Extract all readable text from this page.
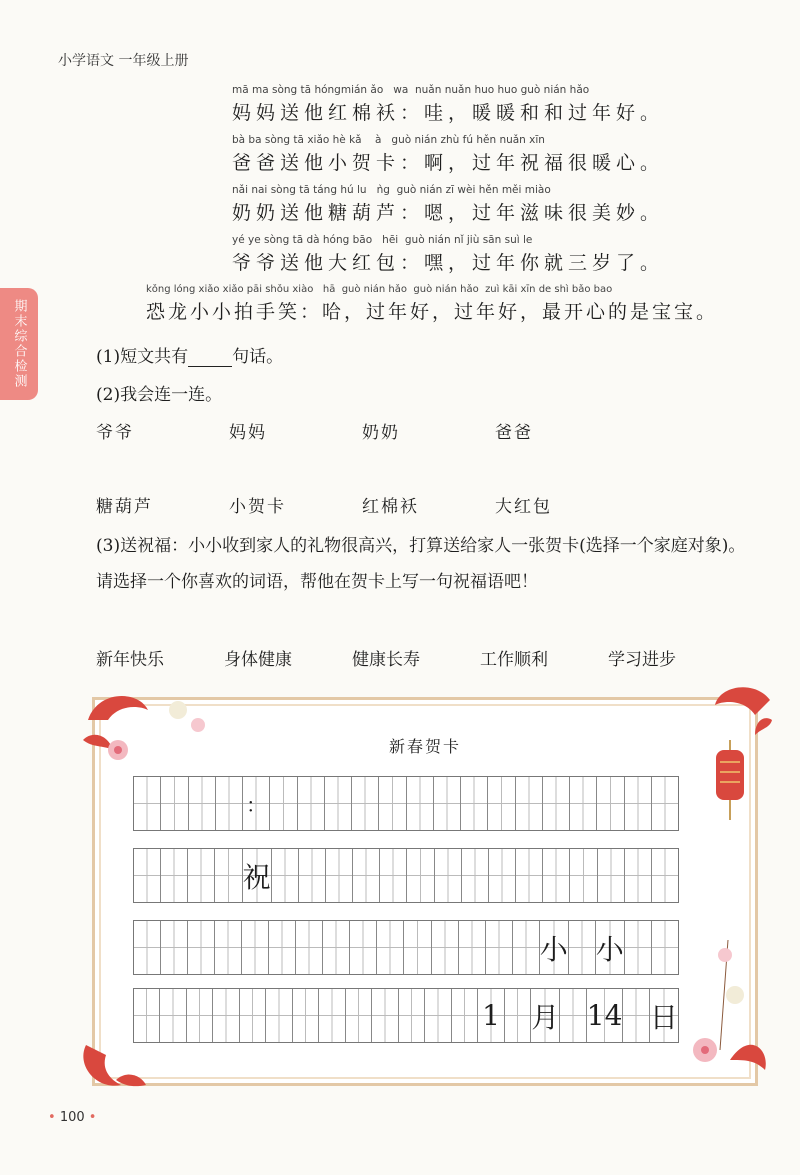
小学语文 一年级上册
期末综合检测
mā ma sòng tā hóngmián ǎo   wa  nuǎn nuǎn huo huo guò nián hǎo
妈妈送他红棉袄：哇，暖暖和和过年好。
bà ba sòng tā xiǎo hè kǎ    à   guò nián zhù fú hěn nuǎn xīn
爸爸送他小贺卡：啊，过年祝福很暖心。
nǎi nai sòng tā táng hú lu   ǹg  guò nián zī wèi hěn měi miào
奶奶送他糖葫芦：嗯，过年滋味很美妙。
yé ye sòng tā dà hóng bāo   hēi  guò nián nǐ jiù sān suì le
爷爷送他大红包：嘿，过年你就三岁了。
kǒng lóng xiǎo xiǎo pāi shǒu xiào   hā  guò nián hǎo  guò nián hǎo  zuì kāi xīn de shì bǎo bao
恐龙小小拍手笑：哈，过年好，过年好，最开心的是宝宝。
(1)短文共有	句话。
(2)我会连一连。
爷爷	妈妈	奶奶	爸爸
糖葫芦	小贺卡	红棉袄	大红包
(3)送祝福：小小收到家人的礼物很高兴，打算送给家人一张贺卡(选择一个家庭对象)。请选择一个你喜欢的词语，帮他在贺卡上写一句祝福语吧！
新年快乐	身体健康	健康长寿	工作顺利	学习进步
新春贺卡
：
祝
小 小
1 月 14 日
• 100 •
